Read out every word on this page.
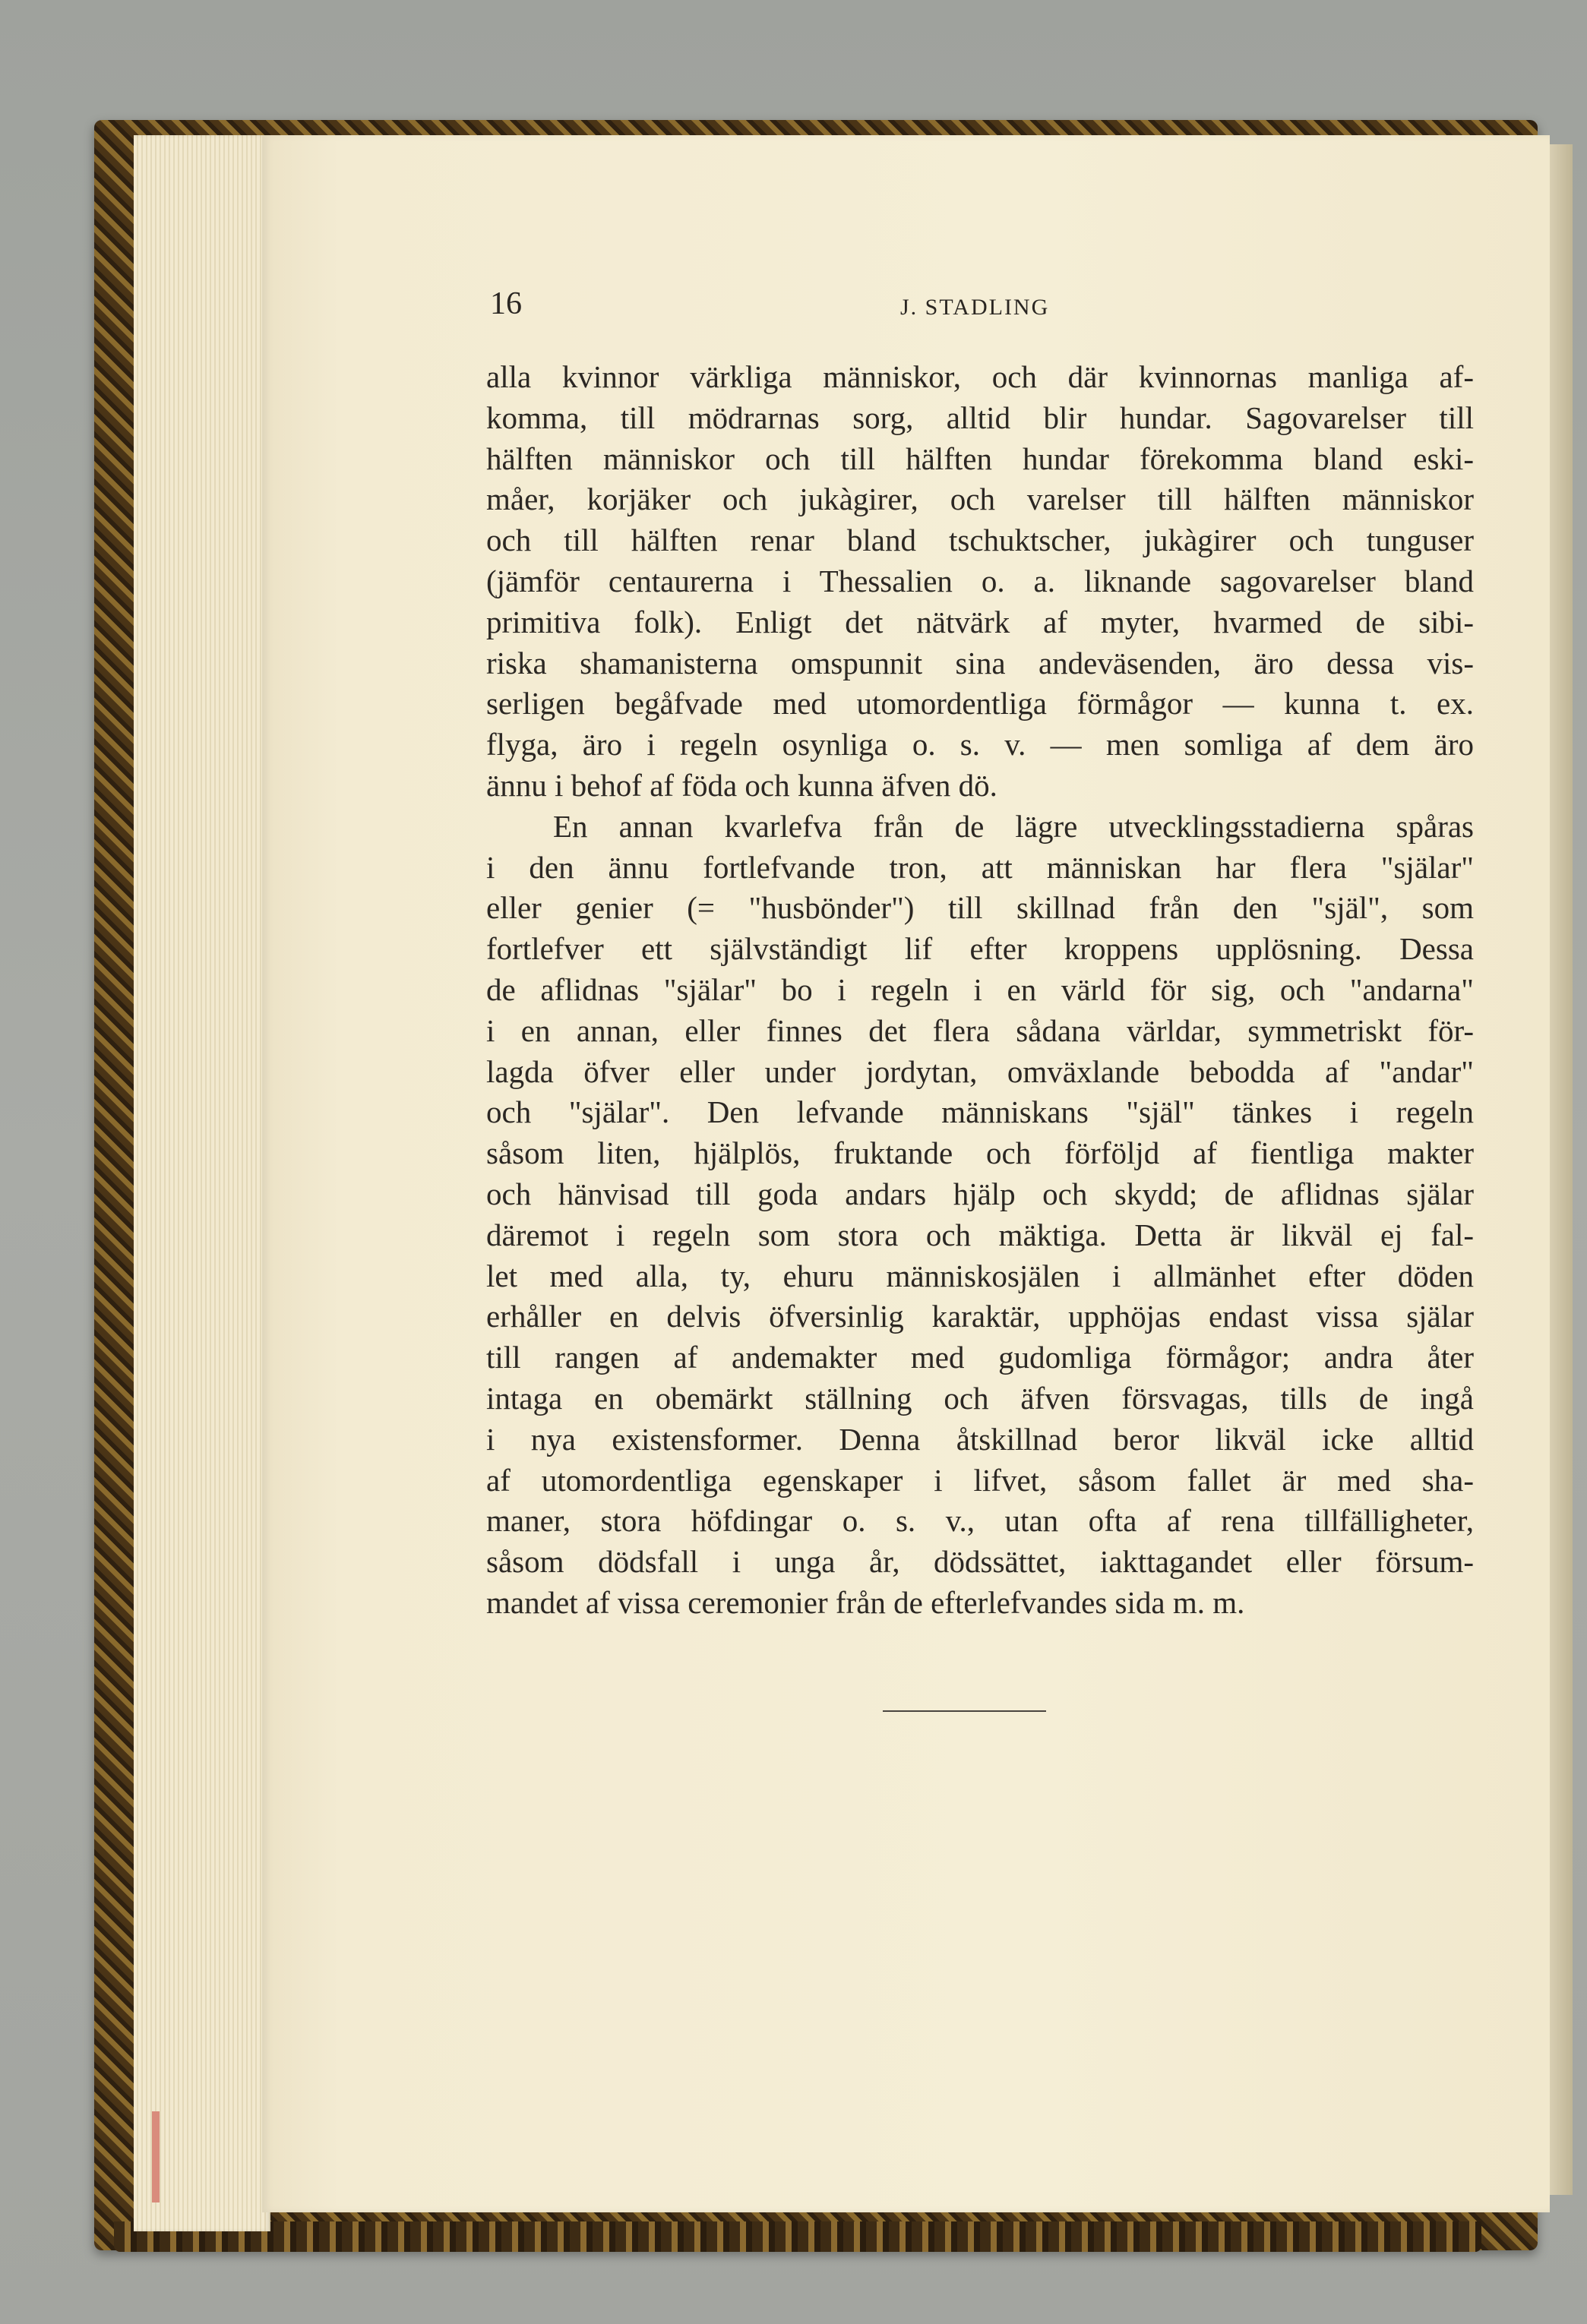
16	J. STADLING
alla kvinnor värkliga människor, och där kvinnornas manliga af-
komma, till mödrarnas sorg, alltid blir hundar. Sagovarelser till
hälften människor och till hälften hundar förekomma bland eski-
måer, korjäker och jukàgirer, och varelser till hälften människor
och till hälften renar bland tschuktscher, jukàgirer och tunguser
(jämför centaurerna i Thessalien o. a. liknande sagovarelser bland
primitiva folk). Enligt det nätvärk af myter, hvarmed de sibi-
riska shamanisterna omspunnit sina andeväsenden, äro dessa vis-
serligen begåfvade med utomordentliga förmågor — kunna t. ex.
flyga, äro i regeln osynliga o. s. v. — men somliga af dem äro
ännu i behof af föda och kunna äfven dö.
En annan kvarlefva från de lägre utvecklingsstadierna spåras
i den ännu fortlefvande tron, att människan har flera "själar"
eller genier (= "husbönder") till skillnad från den "själ", som
fortlefver ett självständigt lif efter kroppens upplösning. Dessa
de aflidnas "själar" bo i regeln i en värld för sig, och "andarna"
i en annan, eller finnes det flera sådana världar, symmetriskt för-
lagda öfver eller under jordytan, omväxlande bebodda af "andar"
och "själar". Den lefvande människans "själ" tänkes i regeln
såsom liten, hjälplös, fruktande och förföljd af fientliga makter
och hänvisad till goda andars hjälp och skydd; de aflidnas själar
däremot i regeln som stora och mäktiga. Detta är likväl ej fal-
let med alla, ty, ehuru människosjälen i allmänhet efter döden
erhåller en delvis öfversinlig karaktär, upphöjas endast vissa själar
till rangen af andemakter med gudomliga förmågor; andra åter
intaga en obemärkt ställning och äfven försvagas, tills de ingå
i nya existensformer. Denna åtskillnad beror likväl icke alltid
af utomordentliga egenskaper i lifvet, såsom fallet är med sha-
maner, stora höfdingar o. s. v., utan ofta af rena tillfälligheter,
såsom dödsfall i unga år, dödssättet, iakttagandet eller försum-
mandet af vissa ceremonier från de efterlefvandes sida m. m.
